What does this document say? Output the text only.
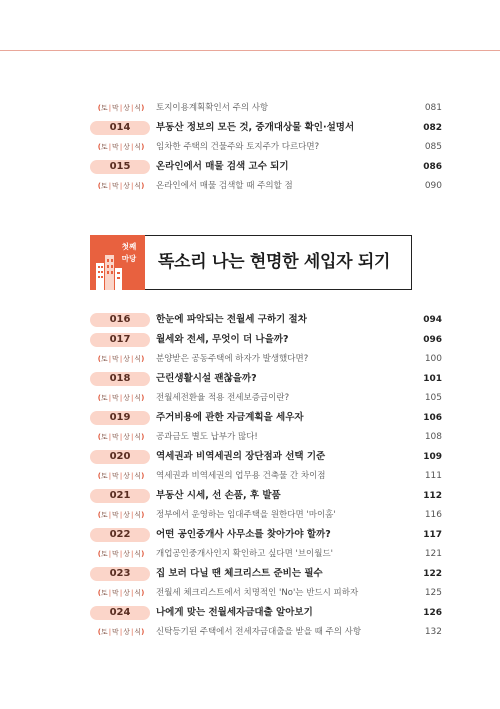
(토|막|상|식)	토지이용계획확인서 주의 사항	081
014	부동산 정보의 모든 것, 중개대상물 확인·설명서	082
(토|막|상|식)	임차한 주택의 건물주와 토지주가 다르다면?	085
015	온라인에서 매물 검색 고수 되기	086
(토|막|상|식)	온라인에서 매물 검색할 때 주의할 점	090
첫째
마당	똑소리 나는 현명한 세입자 되기
016	한눈에 파악되는 전월세 구하기 절차	094
017	월세와 전세, 무엇이 더 나을까?	096
(토|막|상|식)	분양받은 공동주택에 하자가 발생했다면?	100
018	근린생활시설 괜찮을까?	101
(토|막|상|식)	전월세전환율 적용 전세보증금이란?	105
019	주거비용에 관한 자금계획을 세우자	106
(토|막|상|식)	공과금도 별도 납부가 많다!	108
020	역세권과 비역세권의 장단점과 선택 기준	109
(토|막|상|식)	역세권과 비역세권의 업무용 건축물 간 차이점	111
021	부동산 시세, 선 손품, 후 발품	112
(토|막|상|식)	정부에서 운영하는 임대주택을 원한다면 '마이홈'	116
022	어떤 공인중개사 사무소를 찾아가야 할까?	117
(토|막|상|식)	개업공인중개사인지 확인하고 싶다면 '브이월드'	121
023	집 보러 다닐 땐 체크리스트 준비는 필수	122
(토|막|상|식)	전월세 체크리스트에서 치명적인 'No'는 반드시 피하자	125
024	나에게 맞는 전월세자금대출 알아보기	126
(토|막|상|식)	신탁등기된 주택에서 전세자금대출을 받을 때 주의 사항	132
